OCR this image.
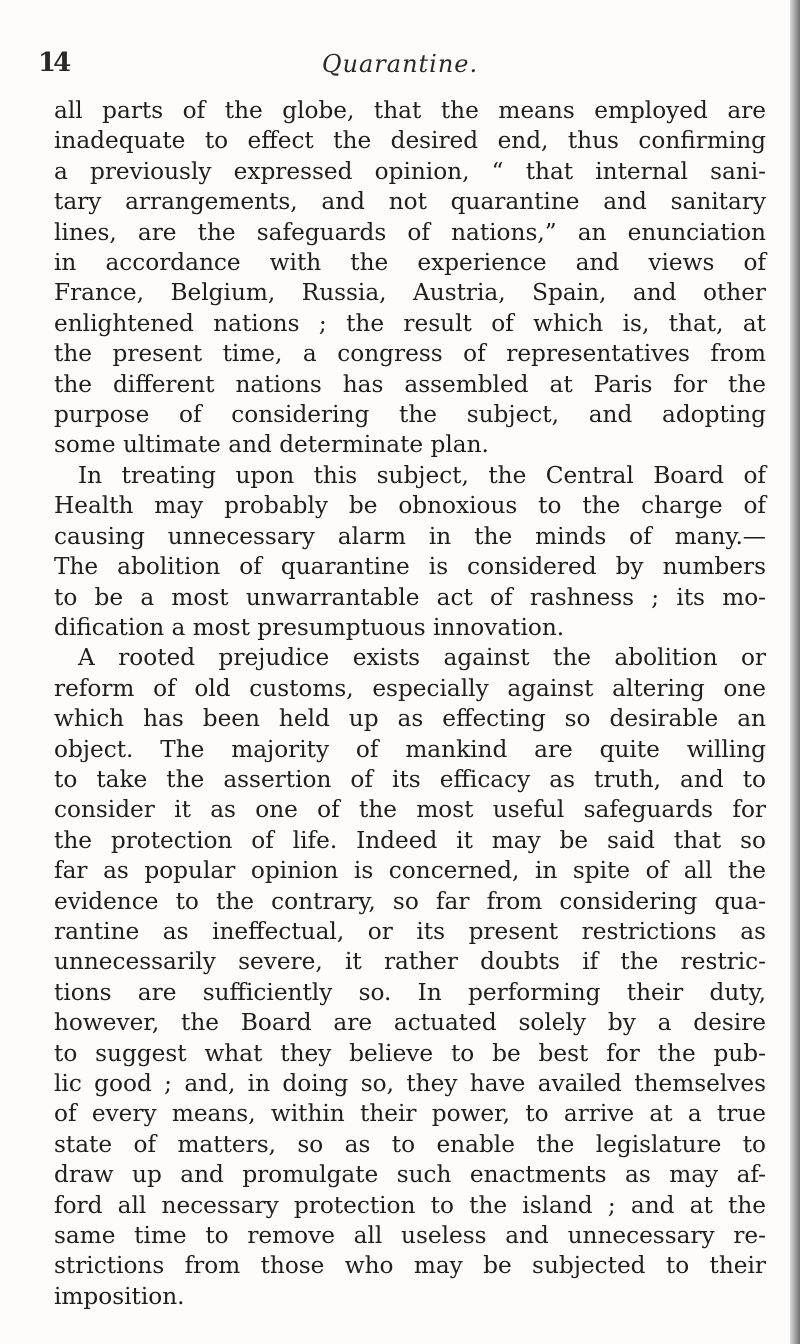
14	Quarantine.
all parts of the globe, that the means employed are
inadequate to effect the desired end, thus confirming
a previously expressed opinion, “ that internal sani-
tary arrangements, and not quarantine and sanitary
lines, are the safeguards of nations,” an enunciation
in accordance with the experience and views of
France, Belgium, Russia, Austria, Spain, and other
enlightened nations ; the result of which is, that, at
the present time, a congress of representatives from
the different nations has assembled at Paris for the
purpose of considering the subject, and adopting
some ultimate and determinate plan.
In treating upon this subject, the Central Board of
Health may probably be obnoxious to the charge of
causing unnecessary alarm in the minds of many.—
The abolition of quarantine is considered by numbers
to be a most unwarrantable act of rashness ; its mo-
dification a most presumptuous innovation.
A rooted prejudice exists against the abolition or
reform of old customs, especially against altering one
which has been held up as effecting so desirable an
object. The majority of mankind are quite willing
to take the assertion of its efficacy as truth, and to
consider it as one of the most useful safeguards for
the protection of life. Indeed it may be said that so
far as popular opinion is concerned, in spite of all the
evidence to the contrary, so far from considering qua-
rantine as ineffectual, or its present restrictions as
unnecessarily severe, it rather doubts if the restric-
tions are sufficiently so. In performing their duty,
however, the Board are actuated solely by a desire
to suggest what they believe to be best for the pub-
lic good ; and, in doing so, they have availed themselves
of every means, within their power, to arrive at a true
state of matters, so as to enable the legislature to
draw up and promulgate such enactments as may af-
ford all necessary protection to the island ; and at the
same time to remove all useless and unnecessary re-
strictions from those who may be subjected to their
imposition.
